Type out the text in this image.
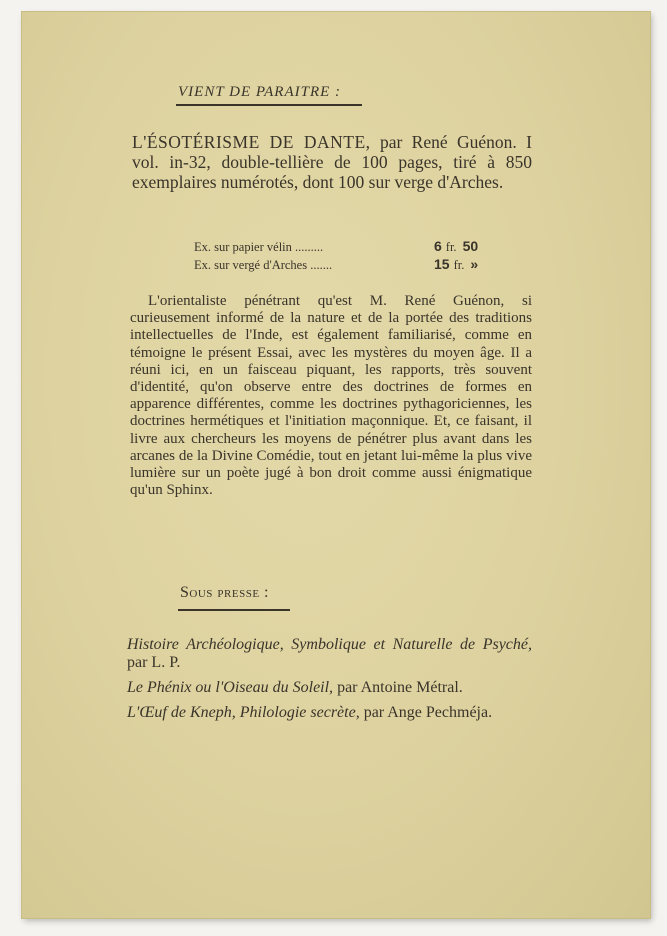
VIENT DE PARAITRE :
L'ÉSOTÉRISME DE DANTE, par René Guénon. I vol. in-32, double-tellière de 100 pages, tiré à 850 exemplaires numérotés, dont 100 sur verge d'Arches.
Ex. sur papier vélin .........	6 fr. 50
Ex. sur vergé d'Arches .......	15 fr. »
L'orientaliste pénétrant qu'est M. René Guénon, si curieusement informé de la nature et de la portée des traditions intellectuelles de l'Inde, est également familiarisé, comme en témoigne le présent Essai, avec les mystères du moyen âge. Il a réuni ici, en un faisceau piquant, les rapports, très souvent d'identité, qu'on observe entre des doctrines de formes en apparence différentes, comme les doctrines pythagoriciennes, les doctrines hermétiques et l'initiation maçonnique. Et, ce faisant, il livre aux chercheurs les moyens de pénétrer plus avant dans les arcanes de la Divine Comédie, tout en jetant lui-même la plus vive lumière sur un poète jugé à bon droit comme aussi énigmatique qu'un Sphinx.
Sous presse :
Histoire Archéologique, Symbolique et Naturelle de Psyché, par L. P.
Le Phénix ou l'Oiseau du Soleil, par Antoine Métral.
L'Œuf de Kneph, Philologie secrète, par Ange Pechméja.
